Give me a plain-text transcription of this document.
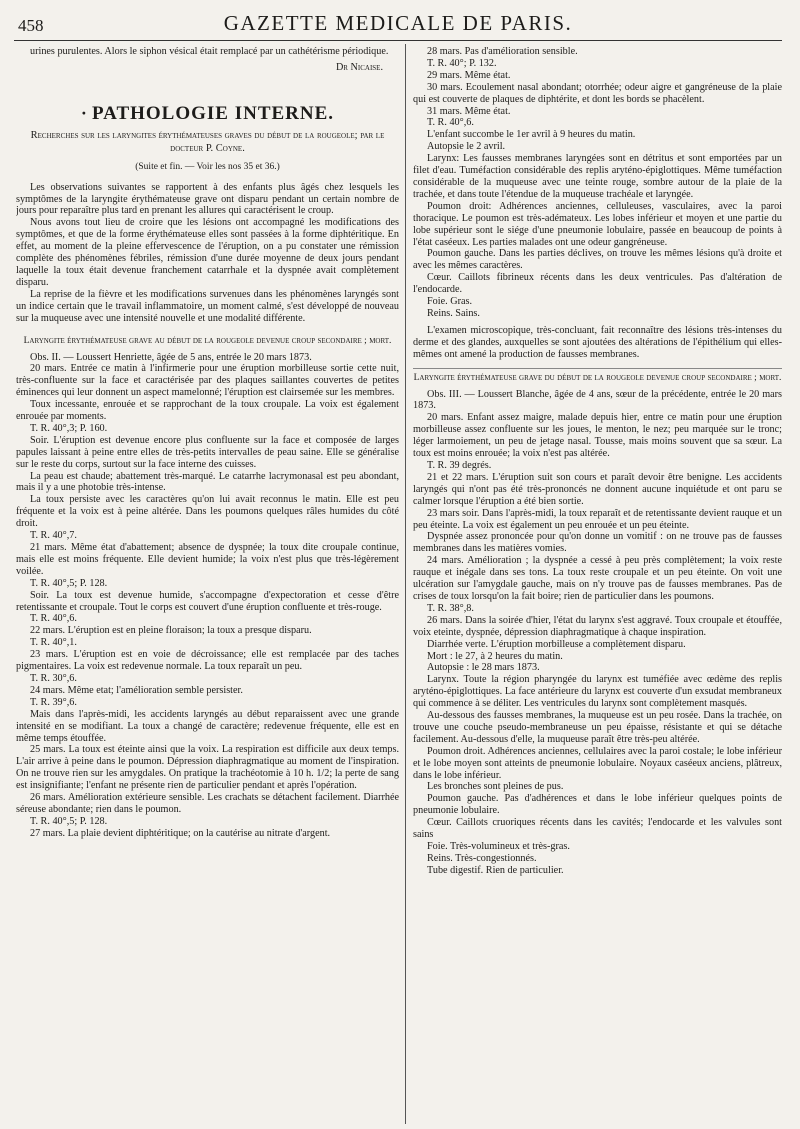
458	GAZETTE MEDICALE DE PARIS.

urines purulentes. Alors le siphon vésical était remplacé par un cathétérisme périodique.

Dr Nicaise.
· PATHOLOGIE INTERNE.
Recherches sur les laryngites érythémateuses graves du début de la rougeole; par le docteur P. Coyne.
(Suite et fin. — Voir les nos 35 et 36.)

Les observations suivantes se rapportent à des enfants plus âgés chez lesquels les symptômes de la laryngite érythémateuse grave ont disparu pendant un certain nombre de jours pour reparaître plus tard en prenant les allures qui caractérisent le croup.

Nous avons tout lieu de croire que les lésions ont accompagné les modifications des symptômes, et que de la forme érythémateuse elles sont passées à la forme diphtéritique. En effet, au moment de la pleine effervescence de l'éruption, on a pu constater une rémission complète des phénomènes fébriles, rémission d'une durée moyenne de deux jours pendant laquelle la toux était devenue franchement catarrhale et la dyspnée avait complètement disparu.

La reprise de la fièvre et les modifications survenues dans les phénomènes laryngés sont un indice certain que le travail inflammatoire, un moment calmé, s'est développé de nouveau sur la muqueuse avec une intensité nouvelle et une modalité différente.

Laryngite érythémateuse grave au début de la rougeole devenue croup secondaire ; mort.

Obs. II. — Loussert Henriette, âgée de 5 ans, entrée le 20 mars 1873.

20 mars. Entrée ce matin à l'infirmerie pour une éruption morbilleuse sortie cette nuit, très-confluente sur la face et caractérisée par des plaques saillantes couvertes de petites éminences qui leur donnent un aspect mamelonné; l'éruption est clairsemée sur les membres.

Toux incessante, enrouée et se rapprochant de la toux croupale. La voix est également enrouée par moments.

T. R. 40°,3; P. 160.

Soir. L'éruption est devenue encore plus confluente sur la face et composée de larges papules laissant à peine entre elles de très-petits intervalles de peau saine. Elle se généralise sur le reste du corps, surtout sur la face interne des cuisses.

La peau est chaude; abattement très-marqué. Le catarrhe lacrymonasal est peu abondant, mais il y a une photobie très-intense.

La toux persiste avec les caractères qu'on lui avait reconnus le matin. Elle est peu fréquente et la voix est à peine altérée. Dans les poumons quelques râles humides du côté droit.

T. R. 40°,7.

21 mars. Même état d'abattement; absence de dyspnée; la toux dite croupale continue, mais elle est moins fréquente. Elle devient humide; la voix n'est plus que très-légèrement voilée.

T. R. 40°,5; P. 128.

Soir. La toux est devenue humide, s'accompagne d'expectoration et cesse d'être retentissante et croupale. Tout le corps est couvert d'une éruption confluente et très-rouge.

T. R. 40°,6.

22 mars. L'éruption est en pleine floraison; la toux a presque disparu.

T. R. 40°,1.

23 mars. L'éruption est en voie de décroissance; elle est remplacée par des taches pigmentaires. La voix est redevenue normale. La toux reparaît un peu.

T. R. 30°,6.

24 mars. Même etat; l'amélioration semble persister.

T. R. 39°,6.

Mais dans l'après-midi, les accidents laryngés au début reparaissent avec une grande intensité en se modifiant. La toux a changé de caractère; redevenue fréquente, elle est en même temps étouffée.

25 mars. La toux est éteinte ainsi que la voix. La respiration est difficile aux deux temps. L'air arrive à peine dans le poumon. Dépression diaphragmatique au moment de l'inspiration. On ne trouve rien sur les amygdales. On pratique la trachéotomie à 10 h. 1/2; la perte de sang est insignifiante; l'enfant ne présente rien de particulier pendant et après l'opération.

26 mars. Amélioration extérieure sensible. Les crachats se détachent facilement. Diarrhée séreuse abondante; rien dans le poumon.

T. R. 40°,5; P. 128.

27 mars. La plaie devient diphtéritique; on la cautérise au nitrate d'argent.

28 mars. Pas d'amélioration sensible.

T. R. 40°; P. 132.

29 mars. Même état.

30 mars. Ecoulement nasal abondant; otorrhée; odeur aigre et gangréneuse de la plaie qui est couverte de plaques de diphtérite, et dont les bords se phacèlent.

31 mars. Même état.

T. R. 40°,6.

L'enfant succombe le 1er avril à 9 heures du matin.

Autopsie le 2 avril.

Larynx: Les fausses membranes laryngées sont en détritus et sont emportées par un filet d'eau. Tuméfaction considérable des replis aryténo-épiglottiques. Même tuméfaction considérable de la muqueuse avec une teinte rouge, sombre autour de la plaie de la trachée, et dans toute l'étendue de la muqueuse trachéale et laryngée.

Poumon droit: Adhérences anciennes, celluleuses, vasculaires, avec la paroi thoracique. Le poumon est très-adémateux. Les lobes inférieur et moyen et une partie du lobe supérieur sont le siége d'une pneumonie lobulaire, passée en beaucoup de points à l'état caséeux. Les parties malades ont une odeur gangréneuse.

Poumon gauche. Dans les parties déclives, on trouve les mêmes lésions qu'à droite et avec les mêmes caractères.

Cœur. Caillots fibrineux récents dans les deux ventricules. Pas d'altération de l'endocarde.

Foie. Gras.

Reins. Sains.

L'examen microscopique, très-concluant, fait reconnaître des lésions très-intenses du derme et des glandes, auxquelles se sont ajoutées des altérations de l'épithélium qui elles-mêmes ont amené la production de fausses membranes.

Laryngite érythémateuse grave du début de la rougeole devenue croup secondaire ; mort.

Obs. III. — Loussert Blanche, âgée de 4 ans, sœur de la précédente, entrée le 20 mars 1873.

20 mars. Enfant assez maigre, malade depuis hier, entre ce matin pour une éruption morbilleuse assez confluente sur les joues, le menton, le nez; peu marquée sur le tronc; léger larmoiement, un peu de jetage nasal. Tousse, mais moins souvent que sa sœur. La toux est moins enrouée; la voix n'est pas altérée.

T. R. 39 degrés.

21 et 22 mars. L'éruption suit son cours et paraît devoir être benigne. Les accidents laryngés qui n'ont pas été très-prononcés ne donnent aucune inquiétude et ont paru se calmer lorsque l'éruption a été bien sortie.

23 mars soir. Dans l'après-midi, la toux reparaît et de retentissante devient rauque et un peu éteinte. La voix est également un peu enrouée et un peu éteinte.

Dyspnée assez prononcée pour qu'on donne un vomitif : on ne trouve pas de fausses membranes dans les matières vomies.

24 mars. Amélioration ; la dyspnée a cessé à peu près complètement; la voix reste rauque et inégale dans ses tons. La toux reste croupale et un peu éteinte. On voit une ulcération sur l'amygdale gauche, mais on n'y trouve pas de fausses membranes. Pas de crises de toux lorsqu'on la fait boire; rien de particulier dans les poumons.

T. R. 38°,8.

26 mars. Dans la soirée d'hier, l'état du larynx s'est aggravé. Toux croupale et étouffée, voix eteinte, dyspnée, dépression diaphragmatique à chaque inspiration.

Diarrhée verte. L'éruption morbilleuse a complètement disparu.

Mort : le 27, à 2 heures du matin.

Autopsie : le 28 mars 1873.

Larynx. Toute la région pharyngée du larynx est tuméfiée avec œdème des replis aryténo-épiglottiques. La face antérieure du larynx est couverte d'un exsudat membraneux qui commence à se déliter. Les ventricules du larynx sont complètement masqués.

Au-dessous des fausses membranes, la muqueuse est un peu rosée. Dans la trachée, on trouve une couche pseudo-membraneuse un peu épaisse, résistante et qui se détache facilement. Au-dessous d'elle, la muqueuse paraît être très-peu altérée.

Poumon droit. Adhérences anciennes, cellulaires avec la paroi costale; le lobe inférieur et le lobe moyen sont atteints de pneumonie lobulaire. Noyaux caséeux anciens, plâtreux, dans le lobe inférieur.

Les bronches sont pleines de pus.

Poumon gauche. Pas d'adhérences et dans le lobe inférieur quelques points de pneumonie lobulaire.

Cœur. Caillots cruoriques récents dans les cavités; l'endocarde et les valvules sont sains

Foie. Très-volumineux et très-gras.

Reins. Très-congestionnés.

Tube digestif. Rien de particulier.
